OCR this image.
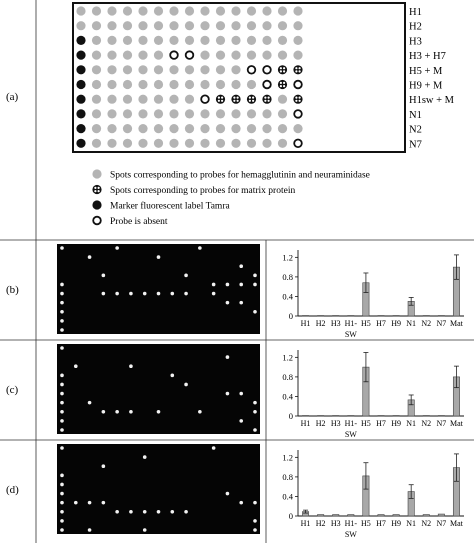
(a)
(b)
(c)
(d)
H1
H2
H3
H3 + H7
H5 + M
H9 + M
H1sw + M
N1
N2
N7
Spots corresponding to probes for hemagglutinin and neuraminidase
Spots corresponding to probes for matrix protein
Marker fluorescent label Tamra
Probe is absent
0
0.4
0.8
1.2
H1 H2 H3 H1- H5 H7 H9 N1 N2 N7 Mat
SW
0
0.4
0.8
1.2
H1 H2 H3 H1- H5 H7 H9 N1 N2 N7 Mat
SW
0
0.4
0.8
1.2
H1 H2 H3 H1- H5 H7 H9 N1 N2 N7 Mat
SW
